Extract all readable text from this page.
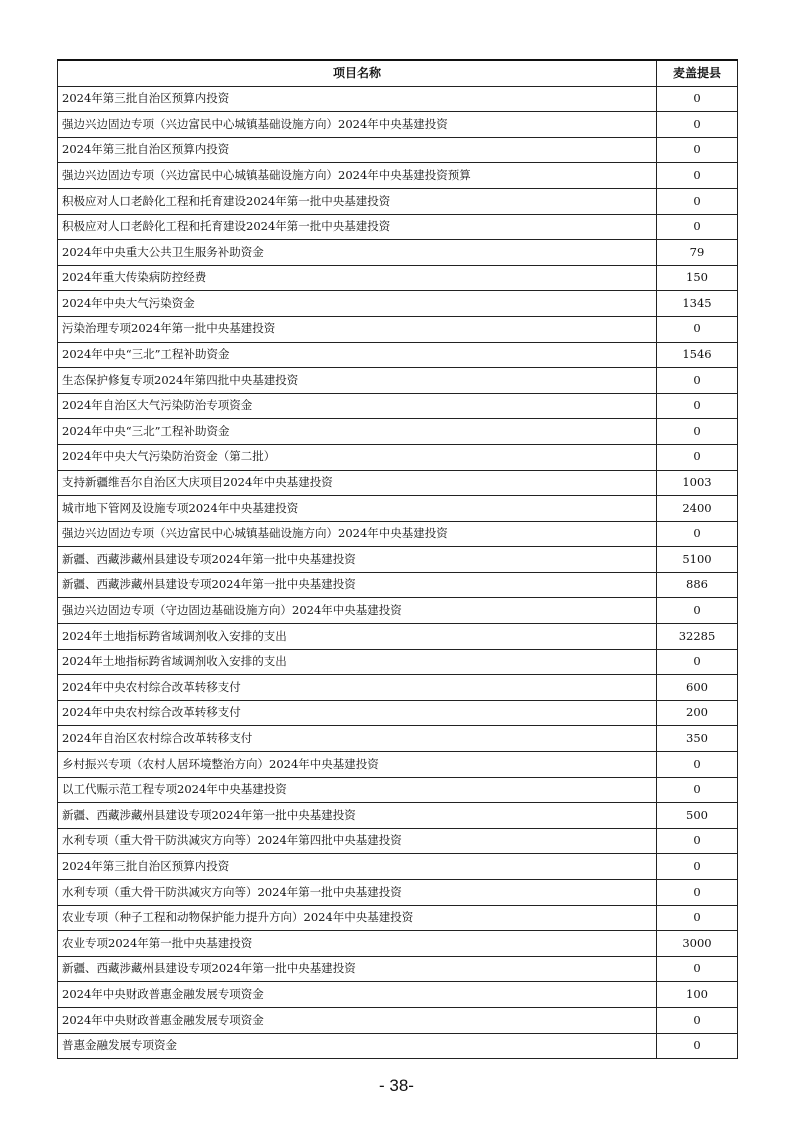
项目名称	麦盖提县
2024年第三批自治区预算内投资	0
强边兴边固边专项（兴边富民中心城镇基础设施方向）2024年中央基建投资	0
2024年第三批自治区预算内投资	0
强边兴边固边专项（兴边富民中心城镇基础设施方向）2024年中央基建投资预算	0
积极应对人口老龄化工程和托育建设2024年第一批中央基建投资	0
积极应对人口老龄化工程和托育建设2024年第一批中央基建投资	0
2024年中央重大公共卫生服务补助资金	79
2024年重大传染病防控经费	150
2024年中央大气污染资金	1345
污染治理专项2024年第一批中央基建投资	0
2024年中央“三北”工程补助资金	1546
生态保护修复专项2024年第四批中央基建投资	0
2024年自治区大气污染防治专项资金	0
2024年中央“三北”工程补助资金	0
2024年中央大气污染防治资金（第二批）	0
支持新疆维吾尔自治区大庆项目2024年中央基建投资	1003
城市地下管网及设施专项2024年中央基建投资	2400
强边兴边固边专项（兴边富民中心城镇基础设施方向）2024年中央基建投资	0
新疆、西藏涉藏州县建设专项2024年第一批中央基建投资	5100
新疆、西藏涉藏州县建设专项2024年第一批中央基建投资	886
强边兴边固边专项（守边固边基础设施方向）2024年中央基建投资	0
2024年土地指标跨省域调剂收入安排的支出	32285
2024年土地指标跨省域调剂收入安排的支出	0
2024年中央农村综合改革转移支付	600
2024年中央农村综合改革转移支付	200
2024年自治区农村综合改革转移支付	350
乡村振兴专项（农村人居环境整治方向）2024年中央基建投资	0
以工代赈示范工程专项2024年中央基建投资	0
新疆、西藏涉藏州县建设专项2024年第一批中央基建投资	500
水利专项（重大骨干防洪减灾方向等）2024年第四批中央基建投资	0
2024年第三批自治区预算内投资	0
水利专项（重大骨干防洪减灾方向等）2024年第一批中央基建投资	0
农业专项（种子工程和动物保护能力提升方向）2024年中央基建投资	0
农业专项2024年第一批中央基建投资	3000
新疆、西藏涉藏州县建设专项2024年第一批中央基建投资	0
2024年中央财政普惠金融发展专项资金	100
2024年中央财政普惠金融发展专项资金	0
普惠金融发展专项资金	0
- 38-
